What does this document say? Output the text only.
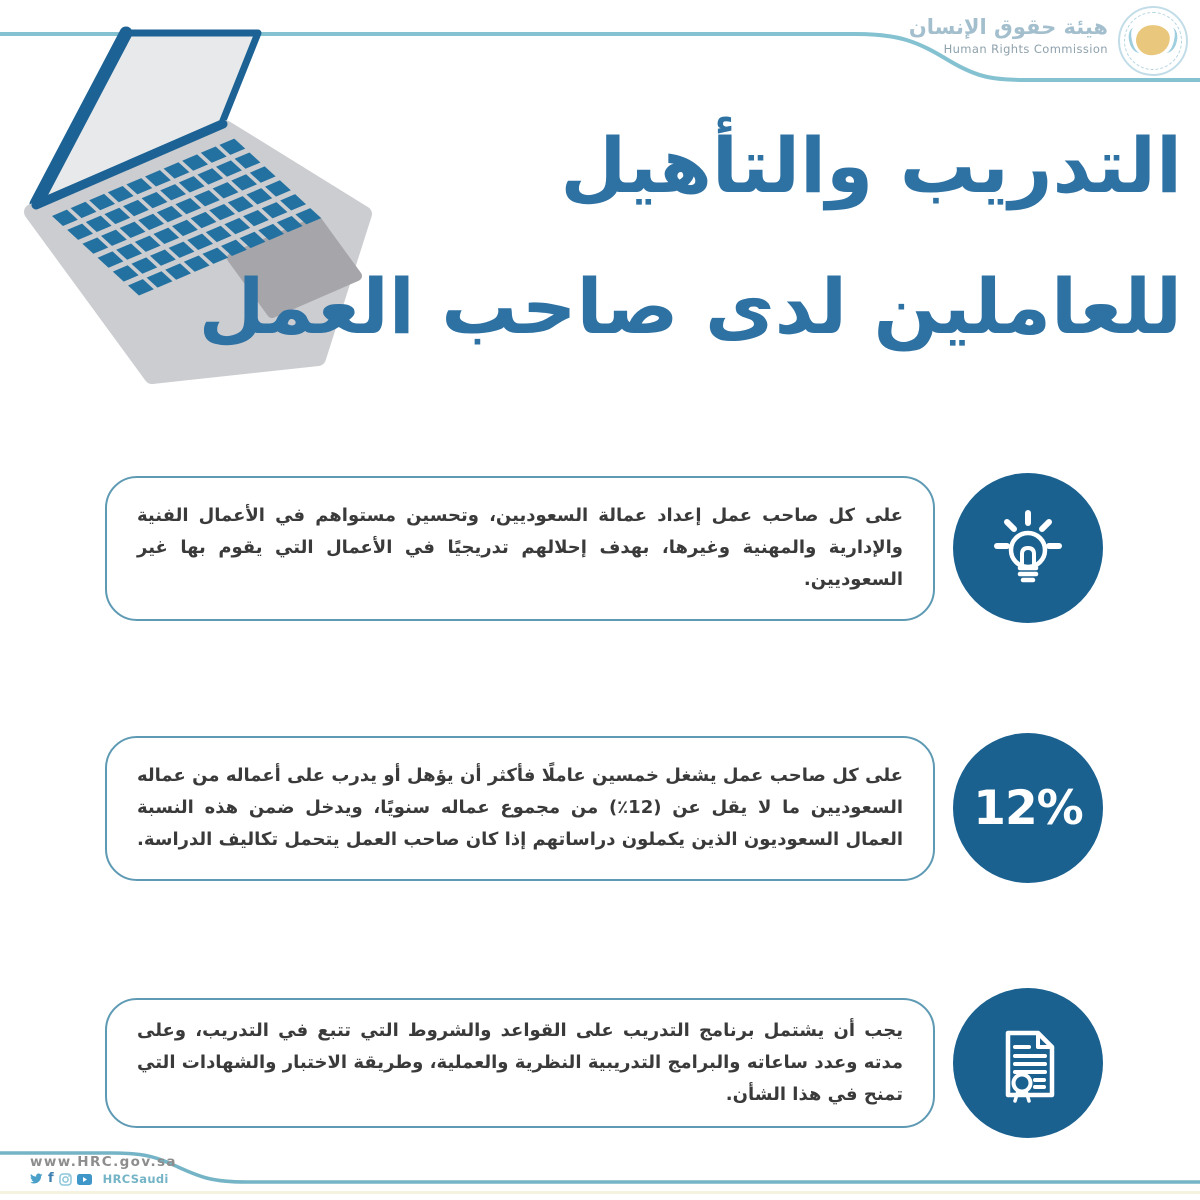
هيئة حقوق الإنسان
Human Rights Commission
التدريب والتأهيل
للعاملين لدى صاحب العمل
على كل صاحب عمل إعداد عمالة السعوديين، وتحسين مستواهم في الأعمال الفنية والإدارية والمهنية وغيرها، بهدف إحلالهم تدريجيًا في الأعمال التي يقوم بها غير السعوديين.
على كل صاحب عمل يشغل خمسين عاملًا فأكثر أن يؤهل أو يدرب على أعماله من عماله السعوديين ما لا يقل عن (12٪) من مجموع عماله سنويًا، ويدخل ضمن هذه النسبة العمال السعوديون الذين يكملون دراساتهم إذا كان صاحب العمل يتحمل تكاليف الدراسة.
12%
يجب أن يشتمل برنامج التدريب على القواعد والشروط التي تتبع في التدريب، وعلى مدته وعدد ساعاته والبرامج التدريبية النظرية والعملية، وطريقة الاختبار والشهادات التي تمنح في هذا الشأن.
www.HRC.gov.sa
f	HRCSaudi
